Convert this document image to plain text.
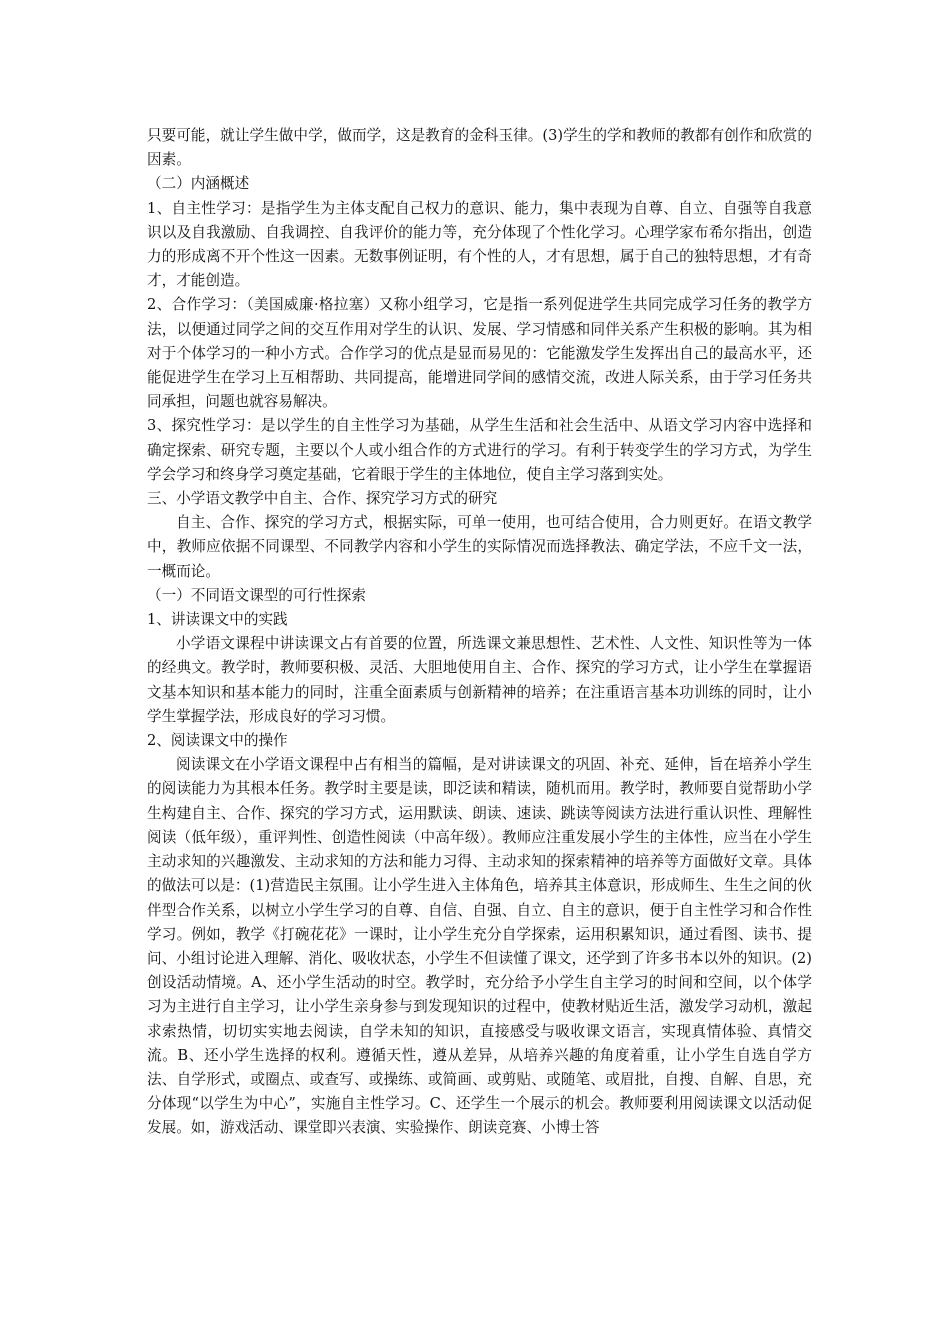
只要可能，就让学生做中学，做而学，这是教育的金科玉律。(3)学生的学和教师的教都有创作和欣赏的因素。

（二）内涵概述

1、自主性学习：是指学生为主体支配自己权力的意识、能力，集中表现为自尊、自立、自强等自我意识以及自我激励、自我调控、自我评价的能力等，充分体现了个性化学习。心理学家布希尔指出，创造力的形成离不开个性这一因素。无数事例证明，有个性的人，才有思想，属于自己的独特思想，才有奇才，才能创造。

2、合作学习：（美国威廉·格拉塞）又称小组学习，它是指一系列促进学生共同完成学习任务的教学方法，以便通过同学之间的交互作用对学生的认识、发展、学习情感和同伴关系产生积极的影响。其为相对于个体学习的一种小方式。合作学习的优点是显而易见的：它能激发学生发挥出自己的最高水平，还能促进学生在学习上互相帮助、共同提高，能增进同学间的感情交流，改进人际关系，由于学习任务共同承担，问题也就容易解决。

3、探究性学习：是以学生的自主性学习为基础，从学生生活和社会生活中、从语文学习内容中选择和确定探索、研究专题，主要以个人或小组合作的方式进行的学习。有利于转变学生的学习方式，为学生学会学习和终身学习奠定基础，它着眼于学生的主体地位，使自主学习落到实处。

三、小学语文教学中自主、合作、探究学习方式的研究

自主、合作、探究的学习方式，根据实际，可单一使用，也可结合使用，合力则更好。在语文教学中，教师应依据不同课型、不同教学内容和小学生的实际情况而选择教法、确定学法，不应千文一法，一概而论。

（一）不同语文课型的可行性探索

1、讲读课文中的实践

小学语文课程中讲读课文占有首要的位置，所选课文兼思想性、艺术性、人文性、知识性等为一体的经典文。教学时，教师要积极、灵活、大胆地使用自主、合作、探究的学习方式，让小学生在掌握语文基本知识和基本能力的同时，注重全面素质与创新精神的培养；在注重语言基本功训练的同时，让小学生掌握学法，形成良好的学习习惯。

2、阅读课文中的操作

阅读课文在小学语文课程中占有相当的篇幅，是对讲读课文的巩固、补充、延伸，旨在培养小学生的阅读能力为其根本任务。教学时主要是读，即泛读和精读，随机而用。教学时，教师要自觉帮助小学生构建自主、合作、探究的学习方式，运用默读、朗读、速读、跳读等阅读方法进行重认识性、理解性阅读（低年级），重评判性、创造性阅读（中高年级）。教师应注重发展小学生的主体性，应当在小学生主动求知的兴趣激发、主动求知的方法和能力习得、主动求知的探索精神的培养等方面做好文章。具体的做法可以是：(1)营造民主氛围。让小学生进入主体角色，培养其主体意识，形成师生、生生之间的伙伴型合作关系，以树立小学生学习的自尊、自信、自强、自立、自主的意识，便于自主性学习和合作性学习。例如，教学《打碗花花》一课时，让小学生充分自学探索，运用积累知识，通过看图、读书、提问、小组讨论进入理解、消化、吸收状态，小学生不但读懂了课文，还学到了许多书本以外的知识。(2)创设活动情境。A、还小学生活动的时空。教学时，充分给予小学生自主学习的时间和空间，以个体学习为主进行自主学习，让小学生亲身参与到发现知识的过程中，使教材贴近生活，激发学习动机，激起求索热情，切切实实地去阅读，自学未知的知识，直接感受与吸收课文语言，实现真情体验、真情交流。B、还小学生选择的权利。遵循天性，遵从差异，从培养兴趣的角度着重，让小学生自选自学方法、自学形式，或圈点、或查写、或操练、或简画、或剪贴、或随笔、或眉批，自搜、自解、自思，充分体现“以学生为中心”，实施自主性学习。C、还学生一个展示的机会。教师要利用阅读课文以活动促发展。如，游戏活动、课堂即兴表演、实验操作、朗读竞赛、小博士答
